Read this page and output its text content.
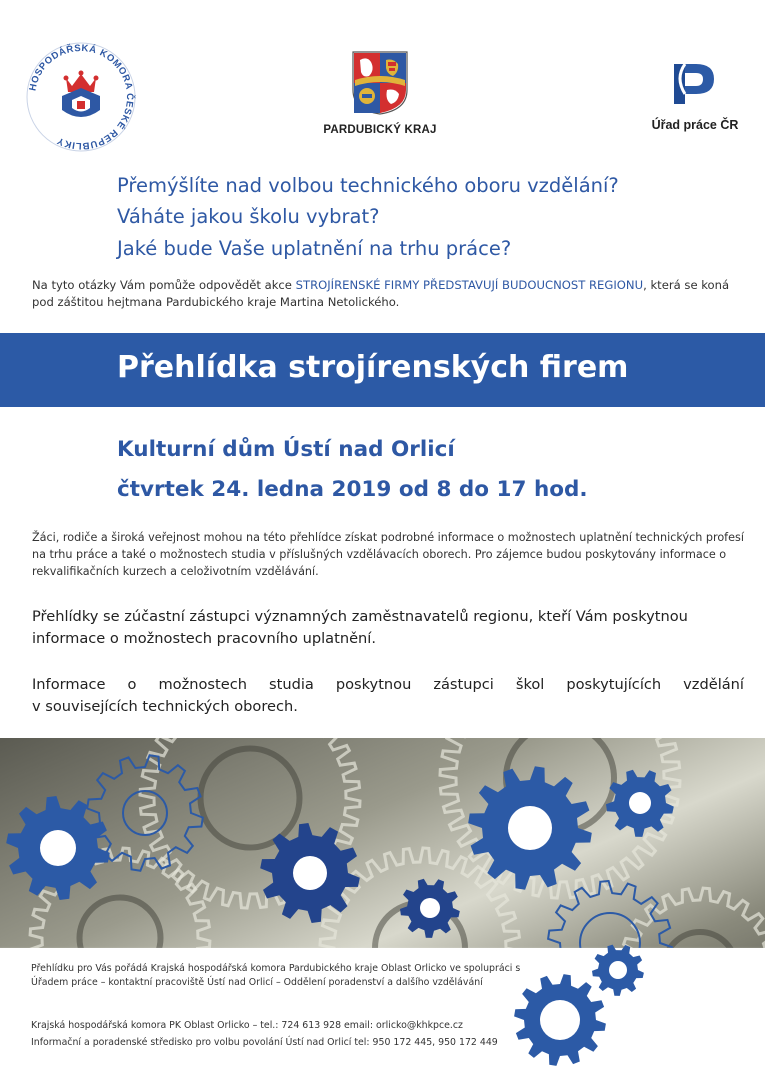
HOSPODÁŘSKÁ KOMORA ČESKÉ REPUBLIKY
PARDUBICKÝ KRAJ	Úřad práce ČR
Přemýšlíte nad volbou technického oboru vzdělání?
Váháte jakou školu vybrat?
Jaké bude Vaše uplatnění na trhu práce?
Na tyto otázky Vám pomůže odpovědět akce STROJÍRENSKÉ FIRMY PŘEDSTAVUJÍ BUDOUCNOST REGIONU, která se koná pod záštitou hejtmana Pardubického kraje Martina Netolického.
Přehlídka strojírenských firem
Kulturní dům Ústí nad Orlicí
čtvrtek 24. ledna 2019 od 8 do 17 hod.
Žáci, rodiče a široká veřejnost mohou na této přehlídce získat podrobné informace o možnostech uplatnění technických profesí na trhu práce a také o možnostech studia v příslušných vzdělávacích oborech. Pro zájemce budou poskytovány informace o rekvalifikačních kurzech a celoživotním vzdělávání.
Přehlídky se zúčastní zástupci významných zaměstnavatelů regionu, kteří Vám poskytnou informace o možnostech pracovního uplatnění.
Informace o možnostech studia poskytnou zástupci škol poskytujících vzdělání
v souvisejících technických oborech.
Přehlídku pro Vás pořádá Krajská hospodářská komora Pardubického kraje Oblast Orlicko ve spolupráci s Úřadem práce – kontaktní pracoviště Ústí nad Orlicí – Oddělení poradenství a dalšího vzdělávání
Krajská hospodářská komora PK Oblast Orlicko – tel.: 724 613 928 email: orlicko@khkpce.cz
Informační a poradenské středisko pro volbu povolání Ústí nad Orlicí tel: 950 172 445, 950 172 449
